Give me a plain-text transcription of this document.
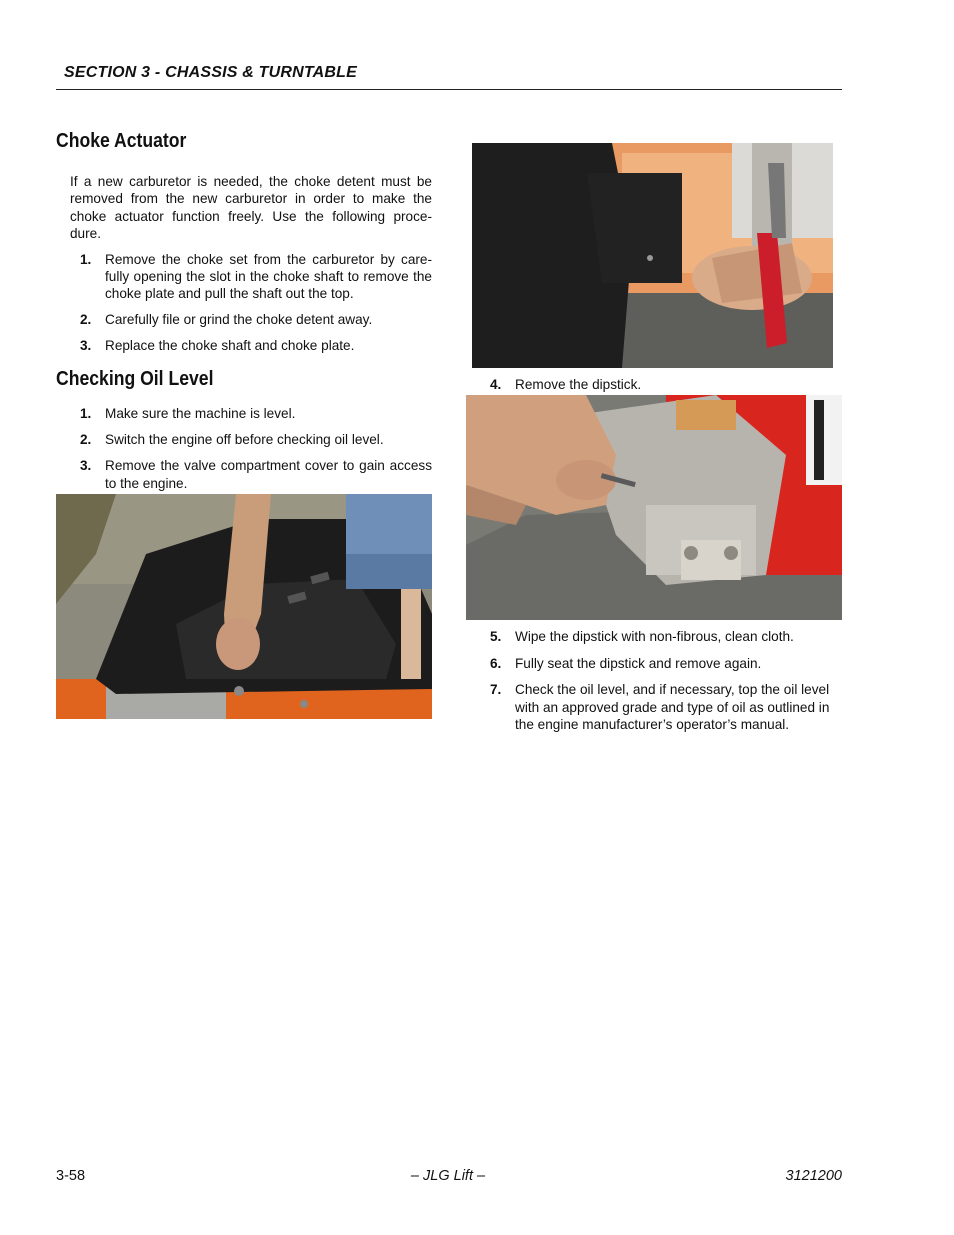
SECTION 3 - CHASSIS & TURNTABLE
Choke Actuator

If a new carburetor is needed, the choke detent must be removed from the new carburetor in order to make the choke actuator function freely. Use the following proce- dure.

1. Remove the choke set from the carburetor by care- fully opening the slot in the choke shaft to remove the choke plate and pull the shaft out the top.
2. Carefully file or grind the choke detent away.
3. Replace the choke shaft and choke plate.
Checking Oil Level
1. Make sure the machine is level.
2. Switch the engine off before checking oil level.
3. Remove the valve compartment cover to gain access to the engine.
4. Remove the dipstick.
5. Wipe the dipstick with non-fibrous, clean cloth.
6. Fully seat the dipstick and remove again.
7. Check the oil level, and if necessary, top the oil level with an approved grade and type of oil as outlined in the engine manufacturer’s operator’s manual.
3-58	– JLG Lift –	3121200
